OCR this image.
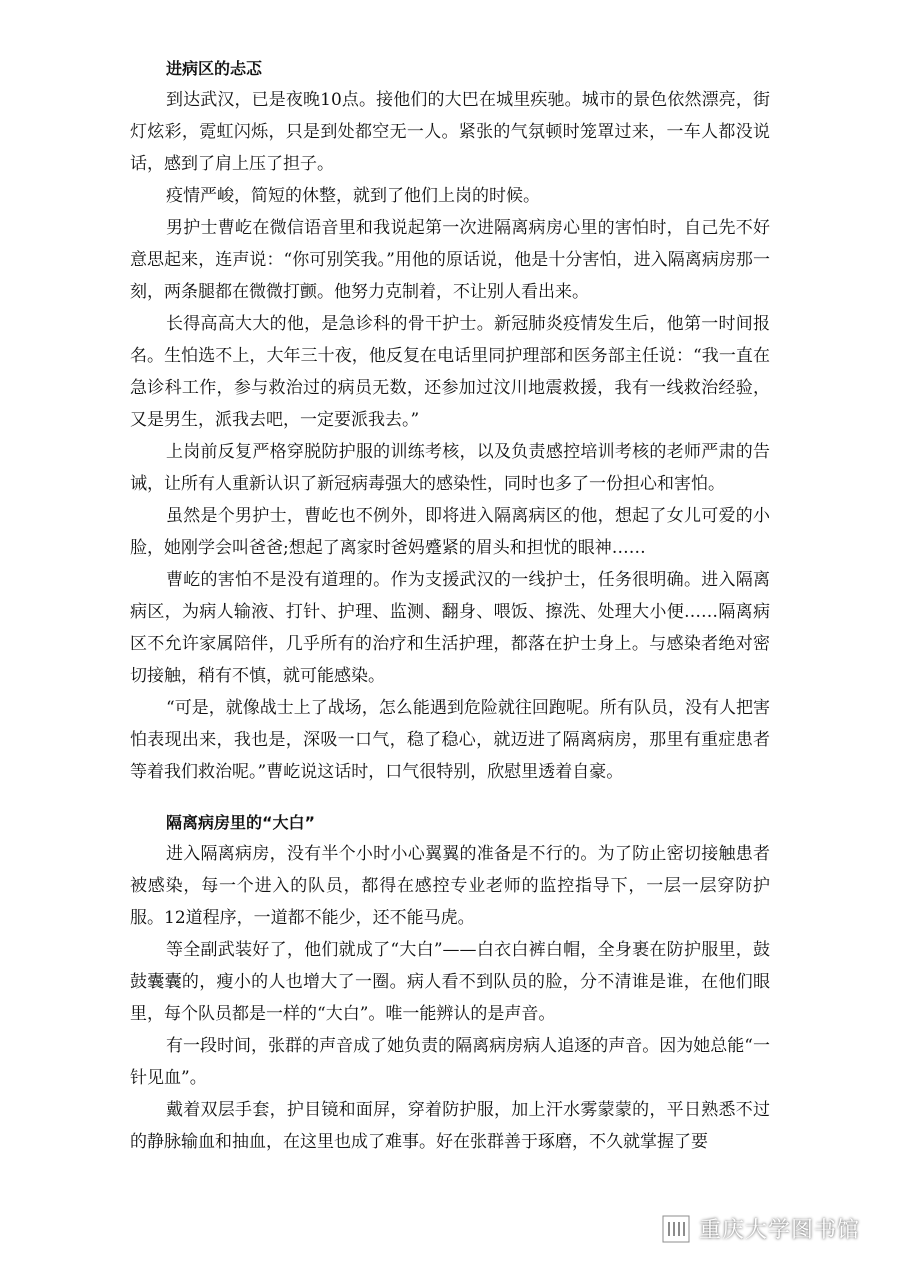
进病区的忐忑

到达武汉，已是夜晚10点。接他们的大巴在城里疾驰。城市的景色依然漂亮，街灯炫彩，霓虹闪烁，只是到处都空无一人。紧张的气氛顿时笼罩过来，一车人都没说话，感到了肩上压了担子。

疫情严峻，简短的休整，就到了他们上岗的时候。

男护士曹屹在微信语音里和我说起第一次进隔离病房心里的害怕时，自己先不好意思起来，连声说：“你可别笑我。”用他的原话说，他是十分害怕，进入隔离病房那一刻，两条腿都在微微打颤。他努力克制着，不让别人看出来。

长得高高大大的他，是急诊科的骨干护士。新冠肺炎疫情发生后，他第一时间报名。生怕选不上，大年三十夜，他反复在电话里同护理部和医务部主任说：“我一直在急诊科工作，参与救治过的病员无数，还参加过汶川地震救援，我有一线救治经验，又是男生，派我去吧，一定要派我去。”

上岗前反复严格穿脱防护服的训练考核，以及负责感控培训考核的老师严肃的告诫，让所有人重新认识了新冠病毒强大的感染性，同时也多了一份担心和害怕。

虽然是个男护士，曹屹也不例外，即将进入隔离病区的他，想起了女儿可爱的小脸，她刚学会叫爸爸;想起了离家时爸妈蹙紧的眉头和担忧的眼神……

曹屹的害怕不是没有道理的。作为支援武汉的一线护士，任务很明确。进入隔离病区，为病人输液、打针、护理、监测、翻身、喂饭、擦洗、处理大小便……隔离病区不允许家属陪伴，几乎所有的治疗和生活护理，都落在护士身上。与感染者绝对密切接触，稍有不慎，就可能感染。

“可是，就像战士上了战场，怎么能遇到危险就往回跑呢。所有队员，没有人把害怕表现出来，我也是，深吸一口气，稳了稳心，就迈进了隔离病房，那里有重症患者等着我们救治呢。”曹屹说这话时，口气很特别，欣慰里透着自豪。

隔离病房里的“大白”

进入隔离病房，没有半个小时小心翼翼的准备是不行的。为了防止密切接触患者被感染，每一个进入的队员，都得在感控专业老师的监控指导下，一层一层穿防护服。12道程序，一道都不能少，还不能马虎。

等全副武装好了，他们就成了“大白”——白衣白裤白帽，全身裹在防护服里，鼓鼓囊囊的，瘦小的人也增大了一圈。病人看不到队员的脸，分不清谁是谁，在他们眼里，每个队员都是一样的“大白”。唯一能辨认的是声音。

有一段时间，张群的声音成了她负责的隔离病房病人追逐的声音。因为她总能“一针见血”。

戴着双层手套，护目镜和面屏，穿着防护服，加上汗水雾蒙蒙的，平日熟悉不过的静脉输血和抽血，在这里也成了难事。好在张群善于琢磨，不久就掌握了要

重庆大学图书馆
